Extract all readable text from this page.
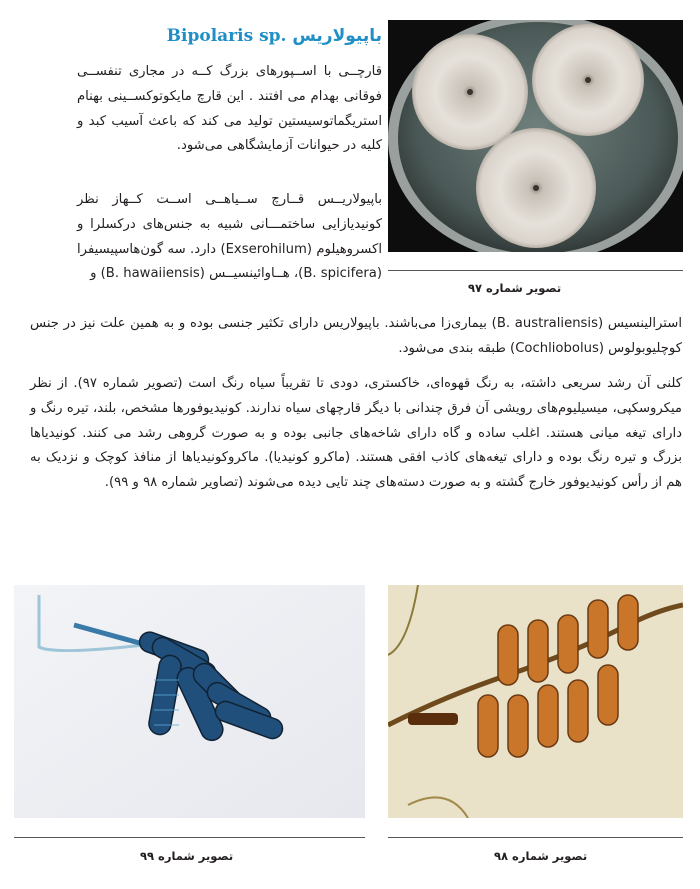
باپیولاریس Bipolaris sp.
قارچــی با اســپورهای بزرگ کــه در مجاری تنفســی فوقانی بهدام می افتند . این قارچ مایکوتوکســینی بهنام استریگماتوسیستین تولید می کند که باعث آسیب کبد و کلیه در حیوانات آزمایشگاهی می‌شود.
باپیولاریــس قــارچ ســیاهــی اســت کــهاز نظر کونیدیازایی ساختمـــانی شبیه به جنس‌های درکسلرا و اکسروهیلوم (Exserohilum) دارد. سه گون‌هاسپیسیفرا (B. spicifera)، هــاوائینسیــس (B. hawaiiensis) و
استرالینسیس (B. australiensis) بیماری‌زا می‌باشند. باپیولاریس دارای تکثیر جنسی بوده و به همین علت نیز در جنس کوچلیوبولوس (Cochliobolus) طبقه بندی می‌شود.
کلنی آن رشد سریعی داشته، به رنگ قهوه‌ای، خاکستری، دودی تا تقریباً سیاه رنگ است (تصویر شماره ۹۷). از نظر میکروسکپی، میسیلیوم‌های رویشی آن فرق چندانی با دیگر قارچهای سیاه ندارند. کونیدیوفورها مشخص، بلند، تیره رنگ و دارای تیغه میانی هستند. اغلب ساده و گاه دارای شاخه‌های جانبی بوده و به صورت گروهی رشد می کنند. کونیدیاها بزرگ و تیره رنگ بوده و دارای تیغه‌های کاذب افقی هستند. (ماکرو کونیدیا). ماکروکونیدیاها از منافذ کوچک و نزدیک به هم از رأس کونیدیوفور خارج گشته و به صورت دسته‌های چند تایی دیده می‌شوند (تصاویر شماره ۹۸ و ۹۹).
تصویر شماره ۹۷
تصویر شماره ۹۹	تصویر شماره ۹۸
